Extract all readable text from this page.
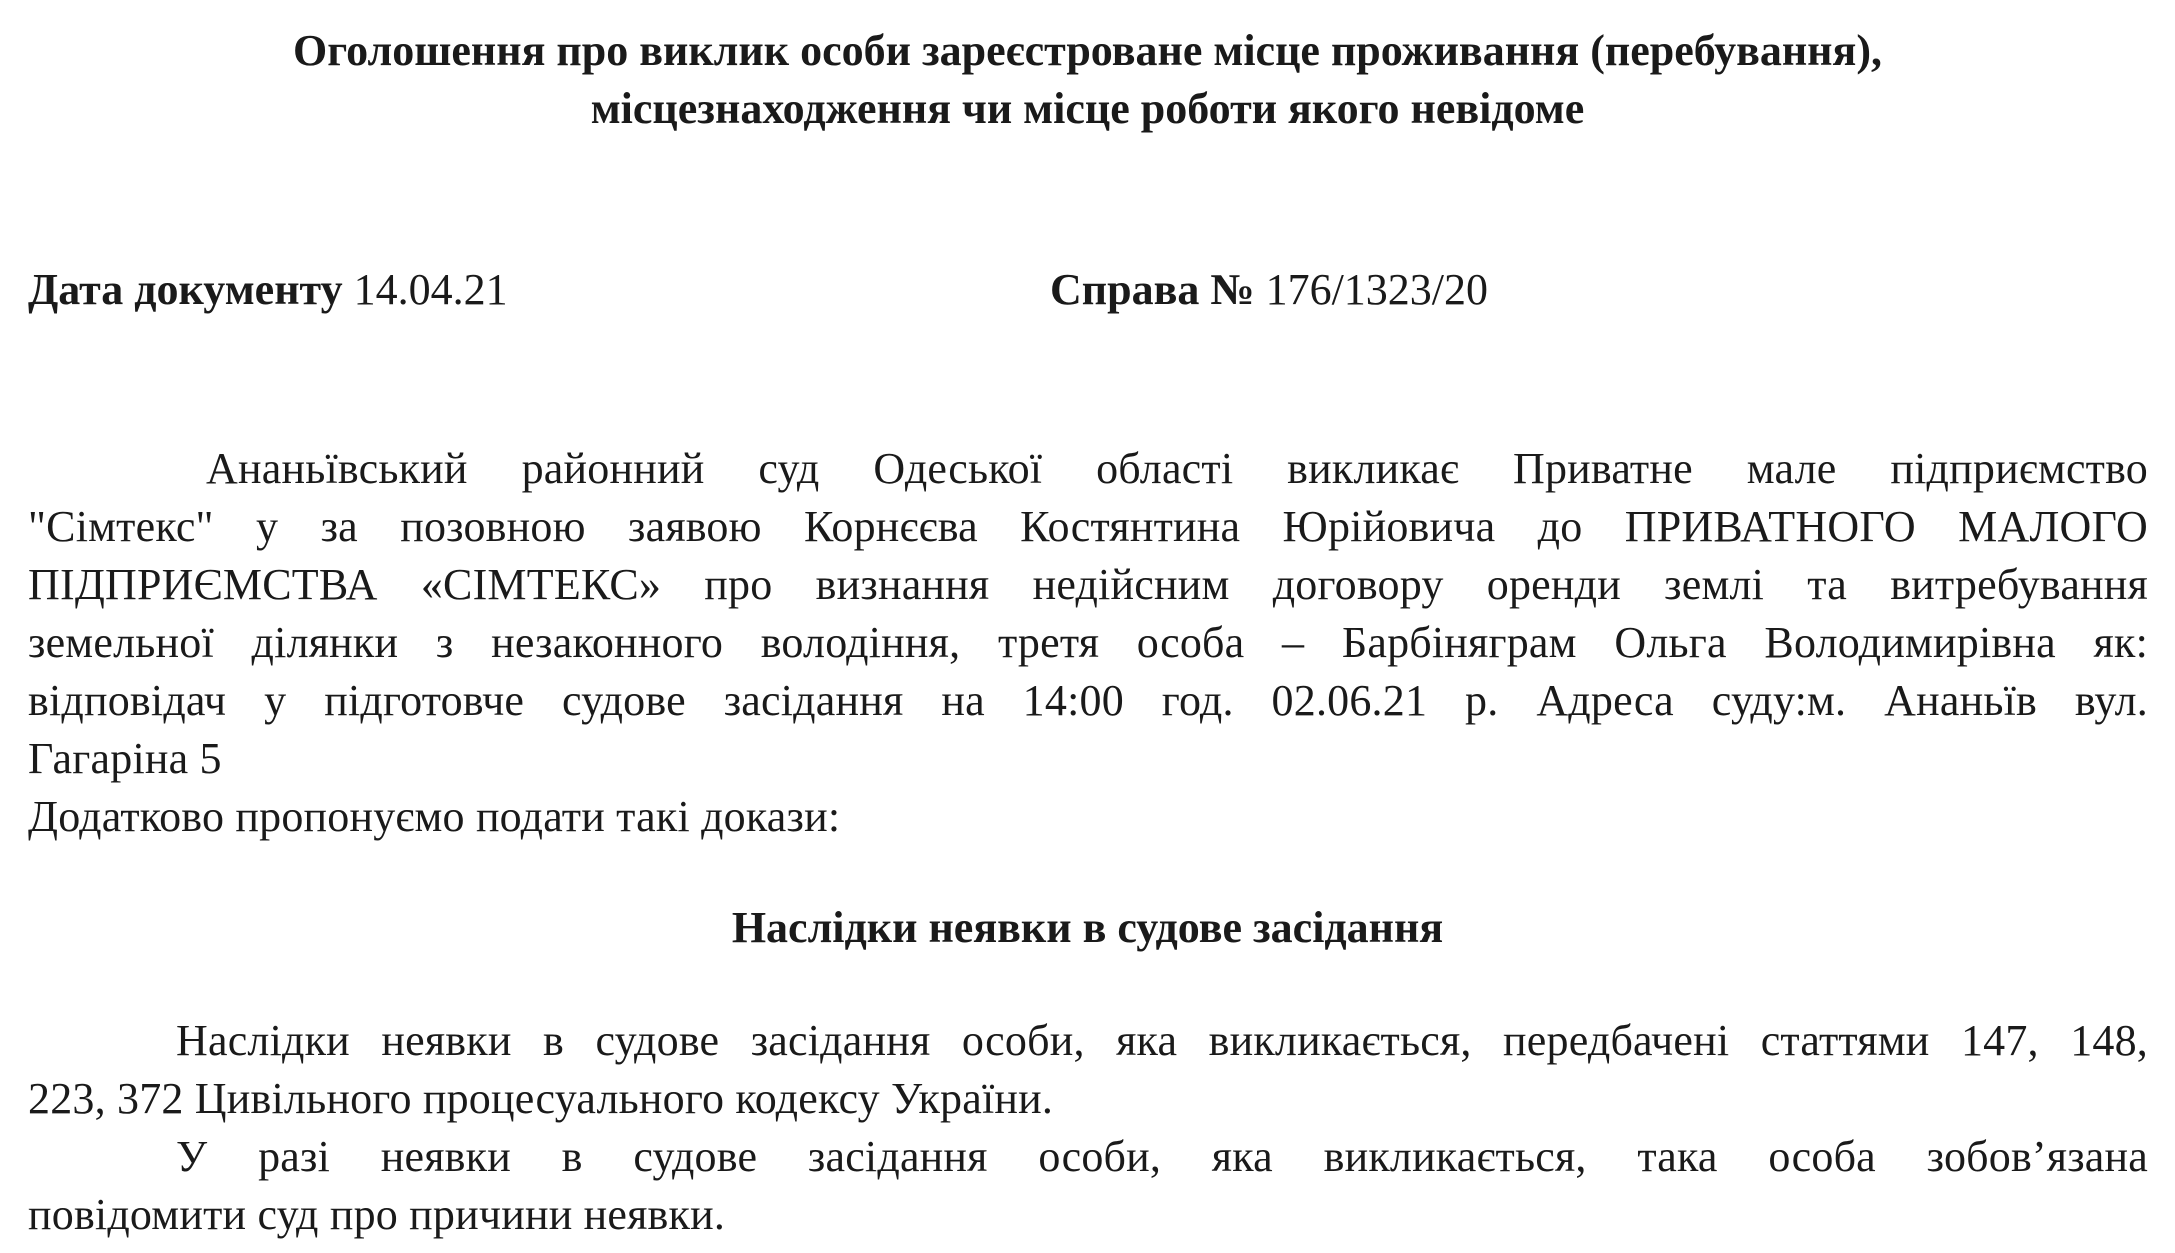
Оголошення про виклик особи зареєстроване місце проживання (перебування),
місцезнаходження чи місце роботи якого невідоме
Дата документу 14.04.21	Справа № 176/1323/20
Ананьївський районний суд Одеської області викликає Приватне мале підприємство
"Сімтекс" у за позовною заявою Корнєєва Костянтина Юрійовича до ПРИВАТНОГО МАЛОГО
ПІДПРИЄМСТВА «СІМТЕКС» про визнання недійсним договору оренди землі та витребування
земельної ділянки з незаконного володіння, третя особа – Барбіняграм Ольга Володимирівна як:
відповідач у підготовче судове засідання на 14:00 год. 02.06.21 р. Адреса суду:м. Ананьїв вул.
Гагаріна 5
Додатково пропонуємо подати такі докази:
Наслідки неявки в судове засідання
Наслідки неявки в судове засідання особи, яка викликається, передбачені статтями 147, 148,
223, 372 Цивільного процесуального кодексу України.
У разі неявки в судове засідання особи, яка викликається, така особа зобов’язана
повідомити суд про причини неявки.
